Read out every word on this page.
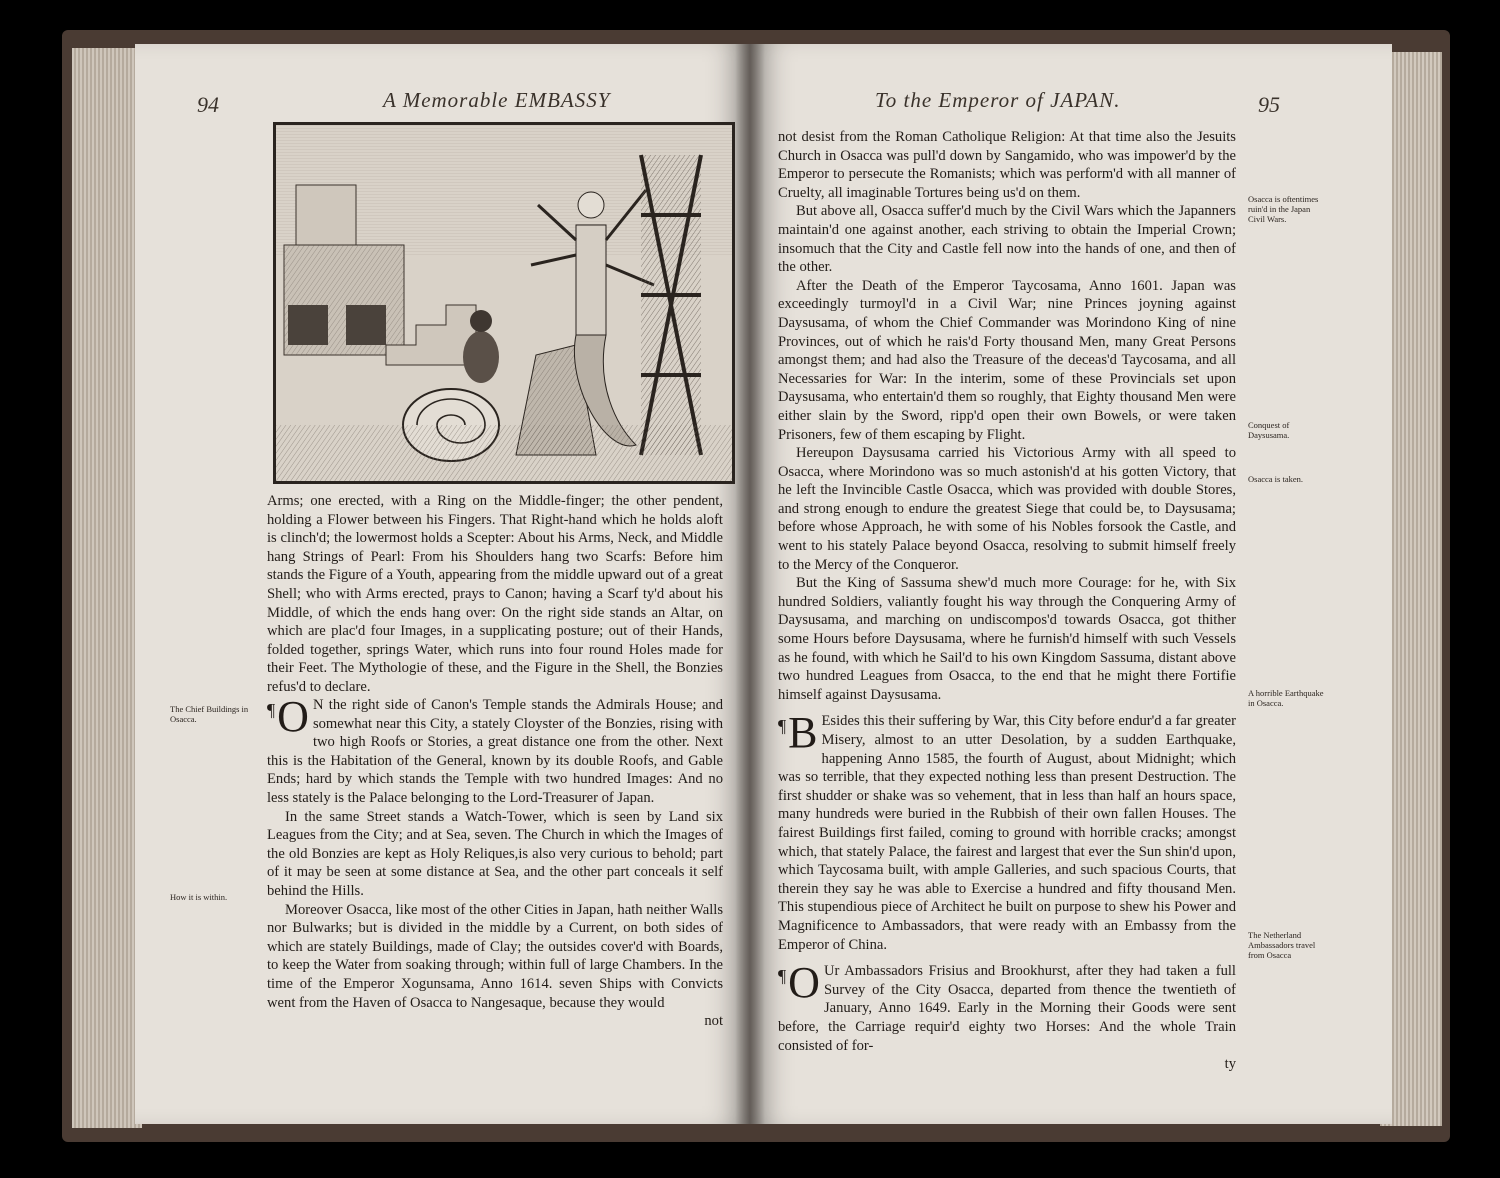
94	A Memorable EMBASSY

Arms; one erected, with a Ring on the Middle-finger; the other pendent, holding a Flower between his Fingers. That Right-hand which he holds aloft is clinch'd; the lowermost holds a Scepter: About his Arms, Neck, and Middle hang Strings of Pearl: From his Shoulders hang two Scarfs: Before him stands the Figure of a Youth, appearing from the middle upward out of a great Shell; who with Arms erected, prays to Canon; having a Scarf ty'd about his Middle, of which the ends hang over: On the right side stands an Altar, on which are plac'd four Images, in a supplicating posture; out of their Hands, folded together, springs Water, which runs into four round Holes made for their Feet. The Mythologie of these, and the Figure in the Shell, the Bonzies refus'd to declare.

¶ O N the right side of Canon's Temple stands the Admirals House; and somewhat near this City, a stately Cloyster of the Bonzies, rising with two high Roofs or Stories, a great distance one from the other. Next this is the Habitation of the General, known by its double Roofs, and Gable Ends; hard by which stands the Temple with two hundred Images: And no less stately is the Palace belonging to the Lord-Treasurer of Japan.

In the same Street stands a Watch-Tower, which is seen by Land six Leagues from the City; and at Sea, seven. The Church in which the Images of the old Bonzies are kept as Holy Reliques,is also very curious to behold; part of it may be seen at some distance at Sea, and the other part conceals it self behind the Hills.

Moreover Osacca, like most of the other Cities in Japan, hath neither Walls nor Bulwarks; but is divided in the middle by a Current, on both sides of which are stately Buildings, made of Clay; the outsides cover'd with Boards, to keep the Water from soaking through; within full of large Chambers. In the time of the Emperor Xogunsama, Anno 1614. seven Ships with Convicts went from the Haven of Osacca to Nangesaque, because they would

not

The Chief Buildings in Osacca.
How it is within.
To the Emperor of JAPAN.	95

not desist from the Roman Catholique Religion: At that time also the Jesuits Church in Osacca was pull'd down by Sangamido, who was impower'd by the Emperor to persecute the Romanists; which was perform'd with all manner of Cruelty, all imaginable Tortures being us'd on them.

But above all, Osacca suffer'd much by the Civil Wars which the Japanners maintain'd one against another, each striving to obtain the Imperial Crown; insomuch that the City and Castle fell now into the hands of one, and then of the other.

After the Death of the Emperor Taycosama, Anno 1601. Japan was exceedingly turmoyl'd in a Civil War; nine Princes joyning against Daysusama, of whom the Chief Commander was Morindono King of nine Provinces, out of which he rais'd Forty thousand Men, many Great Persons amongst them; and had also the Treasure of the deceas'd Taycosama, and all Necessaries for War: In the interim, some of these Provincials set upon Daysusama, who entertain'd them so roughly, that Eighty thousand Men were either slain by the Sword, ripp'd open their own Bowels, or were taken Prisoners, few of them escaping by Flight.

Hereupon Daysusama carried his Victorious Army with all speed to Osacca, where Morindono was so much astonish'd at his gotten Victory, that he left the Invincible Castle Osacca, which was provided with double Stores, and strong enough to endure the greatest Siege that could be, to Daysusama; before whose Approach, he with some of his Nobles forsook the Castle, and went to his stately Palace beyond Osacca, resolving to submit himself freely to the Mercy of the Conqueror.

But the King of Sassuma shew'd much more Courage: for he, with Six hundred Soldiers, valiantly fought his way through the Conquering Army of Daysusama, and marching on undiscompos'd towards Osacca, got thither some Hours before Daysusama, where he furnish'd himself with such Vessels as he found, with which he Sail'd to his own Kingdom Sassuma, distant above two hundred Leagues from Osacca, to the end that he might there Fortifie himself against Daysusama.

¶ B Esides this their suffering by War, this City before endur'd a far greater Misery, almost to an utter Desolation, by a sudden Earthquake, happening Anno 1585, the fourth of August, about Midnight; which was so terrible, that they expected nothing less than present Destruction. The first shudder or shake was so vehement, that in less than half an hours space, many hundreds were buried in the Rubbish of their own fallen Houses. The fairest Buildings first failed, coming to ground with horrible cracks; amongst which, that stately Palace, the fairest and largest that ever the Sun shin'd upon, which Taycosama built, with ample Galleries, and such spacious Courts, that therein they say he was able to Exercise a hundred and fifty thousand Men. This stupendious piece of Architect he built on purpose to shew his Power and Magnificence to Ambassadors, that were ready with an Embassy from the Emperor of China.

¶ O Ur Ambassadors Frisius and Brookhurst, after they had taken a full Survey of the City Osacca, departed from thence the twentieth of January, Anno 1649. Early in the Morning their Goods were sent before, the Carriage requir'd eighty two Horses: And the whole Train consisted of for-

ty

Osacca is oftentimes ruin'd in the Japan Civil Wars.
Conquest of Daysusama.
Osacca is taken.
A horrible Earthquake in Osacca.
The Netherland Ambassadors travel from Osacca
